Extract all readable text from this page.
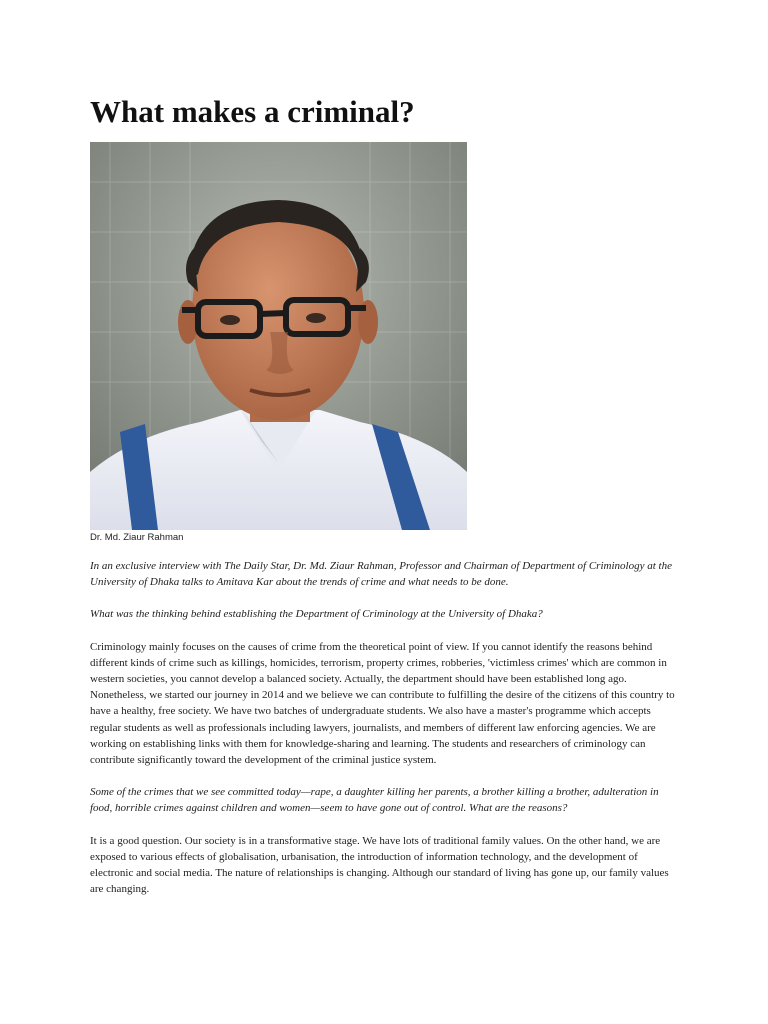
What makes a criminal?
Dr. Md. Ziaur Rahman

In an exclusive interview with The Daily Star, Dr. Md. Ziaur Rahman, Professor and Chairman of Department of Criminology at the University of Dhaka talks to Amitava Kar about the trends of crime and what needs to be done.

What was the thinking behind establishing the Department of Criminology at the University of Dhaka?

Criminology mainly focuses on the causes of crime from the theoretical point of view. If you cannot identify the reasons behind different kinds of crime such as killings, homicides, terrorism, property crimes, robberies, 'victimless crimes' which are common in western societies, you cannot develop a balanced society. Actually, the department should have been established long ago. Nonetheless, we started our journey in 2014 and we believe we can contribute to fulfilling the desire of the citizens of this country to have a healthy, free society. We have two batches of undergraduate students. We also have a master's programme which accepts regular students as well as professionals including lawyers, journalists, and members of different law enforcing agencies. We are working on establishing links with them for knowledge-sharing and learning. The students and researchers of criminology can contribute significantly toward the development of the criminal justice system.

Some of the crimes that we see committed today—rape, a daughter killing her parents, a brother killing a brother, adulteration in food, horrible crimes against children and women—seem to have gone out of control. What are the reasons?

It is a good question. Our society is in a transformative stage. We have lots of traditional family values. On the other hand, we are exposed to various effects of globalisation, urbanisation, the introduction of information technology, and the development of electronic and social media. The nature of relationships is changing. Although our standard of living has gone up, our family values are changing.
